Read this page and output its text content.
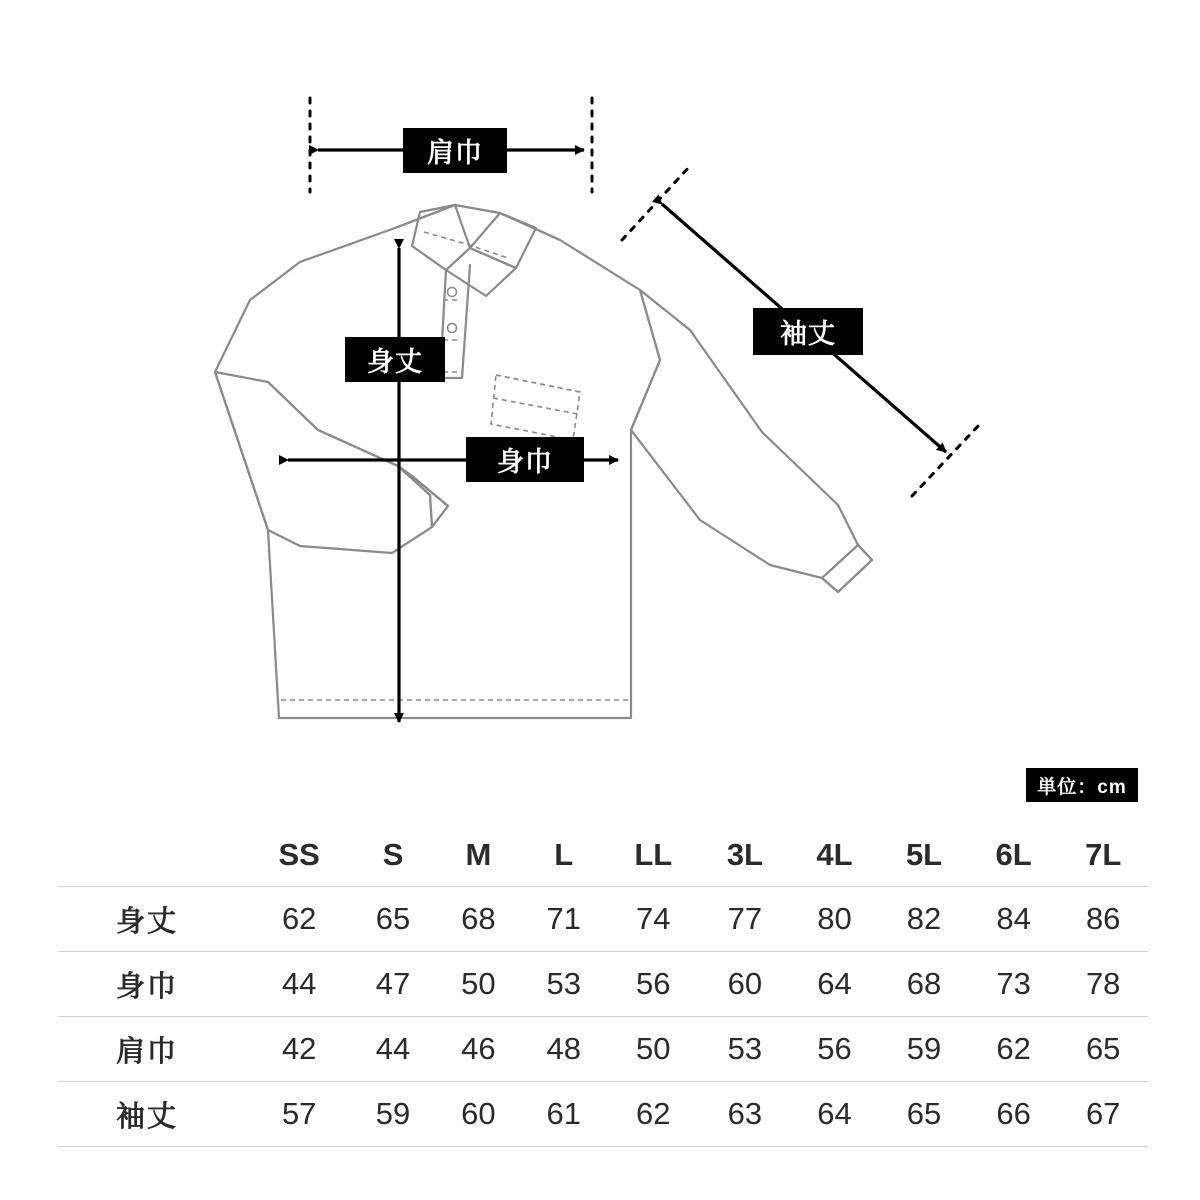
肩巾
身丈
身巾
袖丈
単位：cm
	SS	S	M	L	LL	3L	4L	5L	6L	7L
身丈	62	65	68	71	74	77	80	82	84	86
身巾	44	47	50	53	56	60	64	68	73	78
肩巾	42	44	46	48	50	53	56	59	62	65
袖丈	57	59	60	61	62	63	64	65	66	67
